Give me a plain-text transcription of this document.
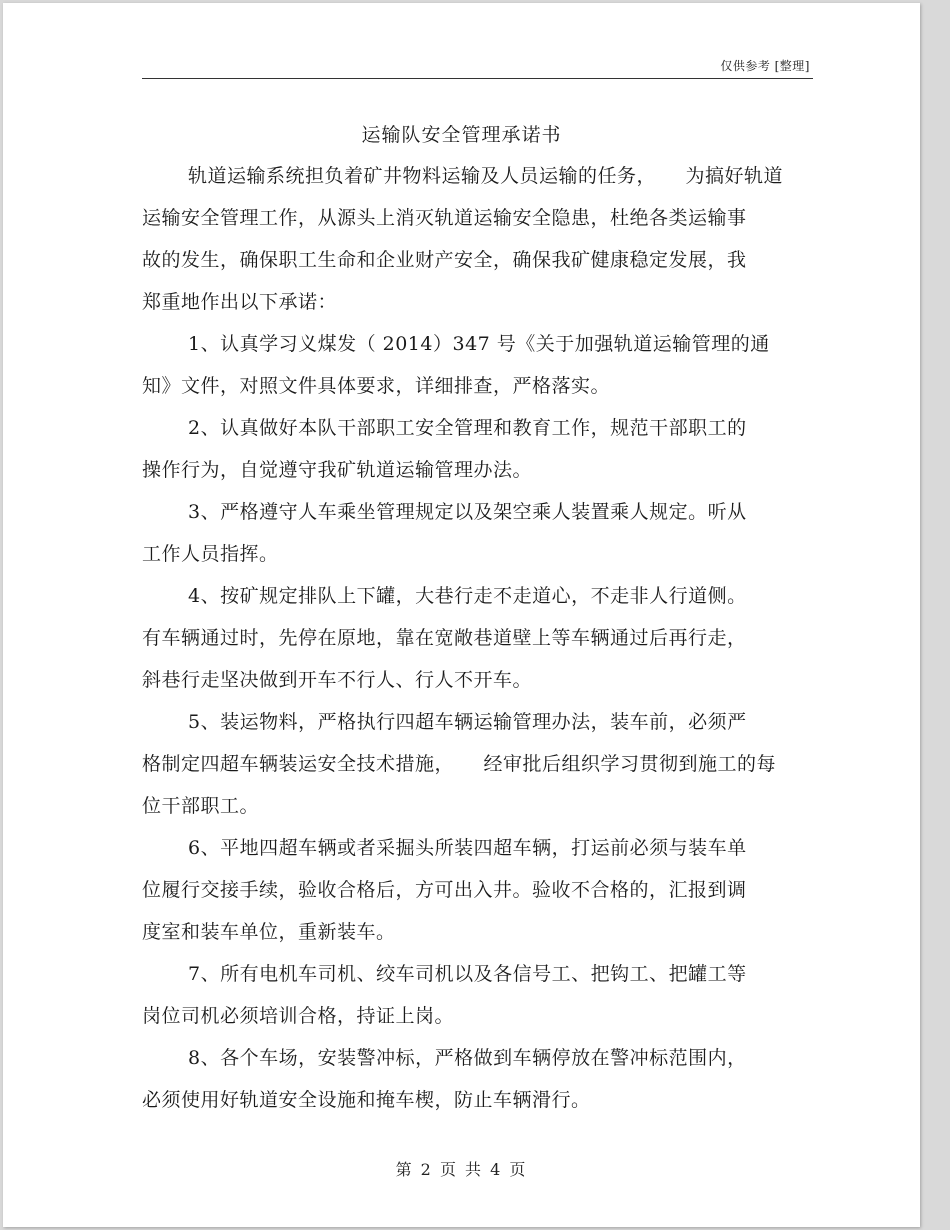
仅供参考 [整理]
运输队安全管理承诺书

轨道运输系统担负着矿井物料运输及人员运输的任务，　　为搞好轨道
运输安全管理工作，从源头上消灭轨道运输安全隐患，杜绝各类运输事
故的发生，确保职工生命和企业财产安全，确保我矿健康稳定发展，我
郑重地作出以下承诺：

1、认真学习义煤发（ 2014）347 号《关于加强轨道运输管理的通
知》文件，对照文件具体要求，详细排查，严格落实。

2、认真做好本队干部职工安全管理和教育工作，规范干部职工的
操作行为，自觉遵守我矿轨道运输管理办法。

3、严格遵守人车乘坐管理规定以及架空乘人装置乘人规定。听从
工作人员指挥。

4、按矿规定排队上下罐，大巷行走不走道心，不走非人行道侧。
有车辆通过时，先停在原地，靠在宽敞巷道壁上等车辆通过后再行走，
斜巷行走坚决做到开车不行人、行人不开车。

5、装运物料，严格执行四超车辆运输管理办法，装车前，必须严
格制定四超车辆装运安全技术措施，　　经审批后组织学习贯彻到施工的每
位干部职工。

6、平地四超车辆或者采掘头所装四超车辆，打运前必须与装车单
位履行交接手续，验收合格后，方可出入井。验收不合格的，汇报到调
度室和装车单位，重新装车。

7、所有电机车司机、绞车司机以及各信号工、把钩工、把罐工等
岗位司机必须培训合格，持证上岗。

8、各个车场，安装警冲标，严格做到车辆停放在警冲标范围内，
必须使用好轨道安全设施和掩车楔，防止车辆滑行。

第 2 页 共 4 页
